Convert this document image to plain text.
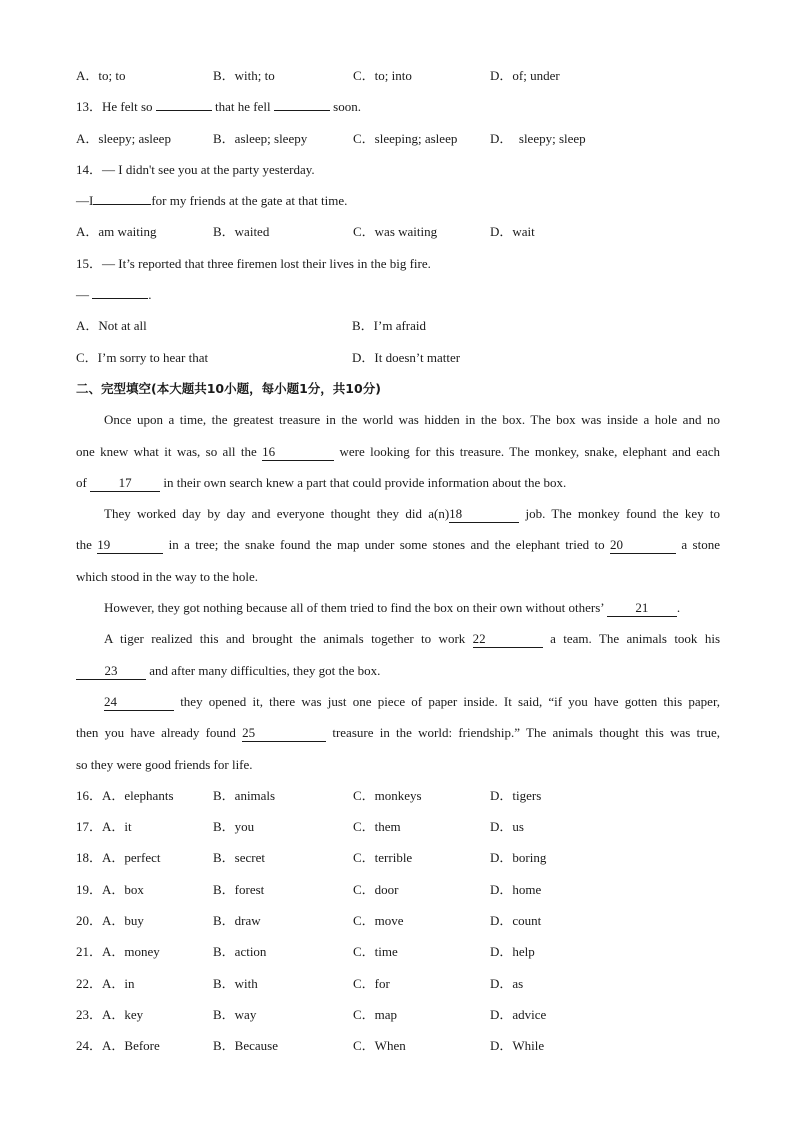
A．to; to	B．with; to	C．to; into	D．of; under
13．He felt so	that he fell	soon.
A．sleepy; asleep	B．asleep; sleepy	C．sleeping; asleep	D．  sleepy; sleep
14．— I didn't see you at the party yesterday.
—I	for my friends at the gate at that time.
A．am waiting	B．waited	C．was waiting	D．wait
15．— It’s reported that three firemen lost their lives in the big fire.
—	.
A．Not at all	B．I’m afraid
C．I’m sorry to hear that	D．It doesn’t matter
二、完型填空(本大题共10小题，每小题1分，共10分)
Once upon a time, the greatest treasure in the world was hidden in the box. The box was inside a hole and no
one knew what it was, so all the 16	were looking for this treasure. The monkey, snake, elephant and each
of 17 in their own search knew a part that could provide information about the box.
They worked day by day and everyone thought they did a(n)18	job. The monkey found the key to
the 19	in a tree; the snake found the map under some stones and the elephant tried to 20	a stone
which stood in the way to the hole.
However, they got nothing because all of them tried to find the box on their own without others’ 21 .
A tiger realized this and brought the animals together to work 22	a team. The animals took his
23 and after many difficulties, they got the box.
24	they opened it, there was just one piece of paper inside. It said, “if you have gotten this paper,
then you have already found 25	treasure in the world: friendship.” The animals thought this was true,
so they were good friends for life.
16．A．elephants	B．animals	C．monkeys	D．tigers
17．A．it	B．you	C．them	D．us
18．A．perfect	B．secret	C．terrible	D．boring
19．A．box	B．forest	C．door	D．home
20．A．buy	B．draw	C．move	D．count
21．A．money	B．action	C．time	D．help
22．A．in	B．with	C．for	D．as
23．A．key	B．way	C．map	D．advice
24．A．Before	B．Because	C．When	D．While
